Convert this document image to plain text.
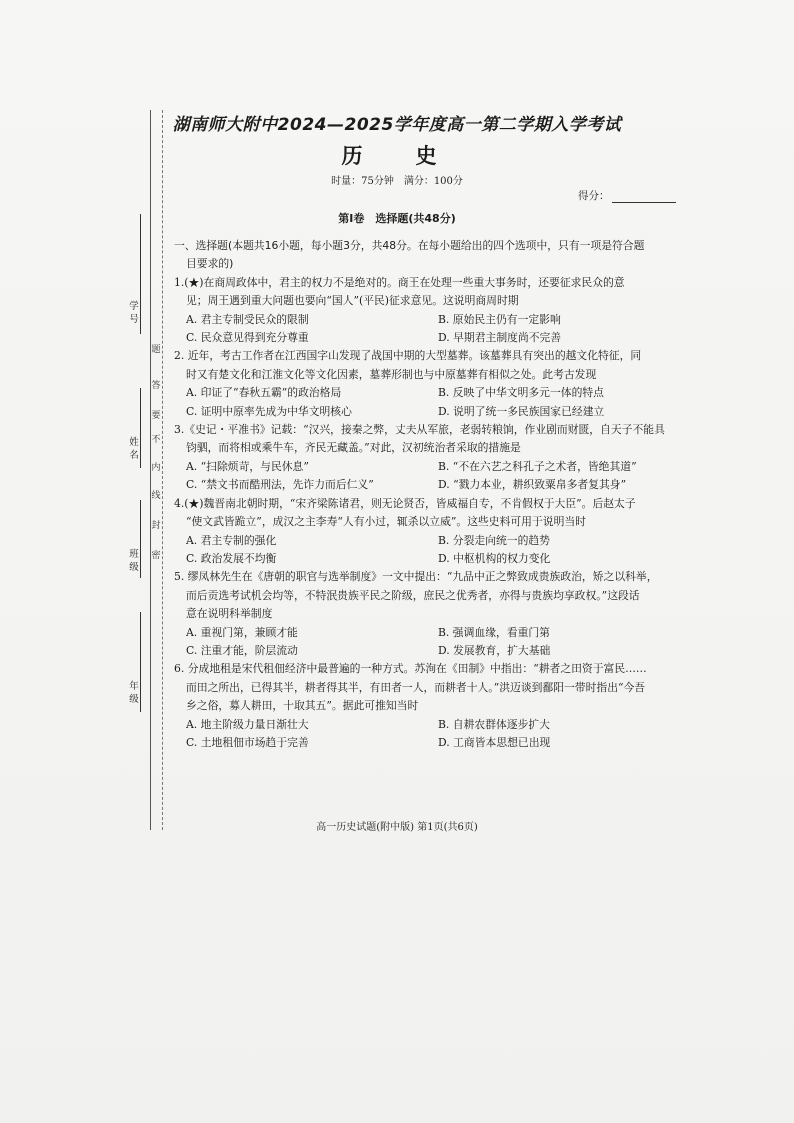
学号
姓名
班级
年级
题
答
要
不
内
线
封
密
湖南师大附中2024—2025学年度高一第二学期入学考试
历　史
时量：75分钟　满分：100分
得分：
第Ⅰ卷　选择题(共48分)

一、选择题(本题共16小题，每小题3分，共48分。在每小题给出的四个选项中，只有一项是符合题

目要求的)

1.(★)在商周政体中，君主的权力不是绝对的。商王在处理一些重大事务时，还要征求民众的意

见；周王遇到重大问题也要向“国人”(平民)征求意见。这说明商周时期

A. 君主专制受民众的限制	B. 原始民主仍有一定影响
C. 民众意见得到充分尊重	D. 早期君主制度尚不完善

2. 近年，考古工作者在江西国字山发现了战国中期的大型墓葬。该墓葬具有突出的越文化特征，同

时又有楚文化和江淮文化等文化因素，墓葬形制也与中原墓葬有相似之处。此考古发现

A. 印证了“春秋五霸”的政治格局	B. 反映了中华文明多元一体的特点
C. 证明中原率先成为中华文明核心	D. 说明了统一多民族国家已经建立

3.《史记・平准书》记载：“汉兴，接秦之弊，丈夫从军旅，老弱转粮饷，作业剧而财匮，自天子不能具

钧驷，而将相或乘牛车，齐民无藏盖。”对此，汉初统治者采取的措施是

A. “扫除烦苛，与民休息”	B. “不在六艺之科孔子之术者，皆绝其道”
C. “禁文书而酷刑法，先诈力而后仁义”	D. “戮力本业，耕织致粟帛多者复其身”

4.(★)魏晋南北朝时期，“宋齐梁陈诸君，则无论贤否，皆威福自专，不肯假权于大臣”。后赵太子

“使文武皆跪立”，成汉之主李寿“人有小过，辄杀以立威”。这些史料可用于说明当时

A. 君主专制的强化	B. 分裂走向统一的趋势
C. 政治发展不均衡	D. 中枢机构的权力变化

5. 缪凤林先生在《唐朝的职官与选举制度》一文中提出：“九品中正之弊致成贵族政治，矫之以科举，

而后贡选考试机会均等，不特泯贵族平民之阶级，庶民之优秀者，亦得与贵族均享政权。”这段话

意在说明科举制度

A. 重视门第，兼顾才能	B. 强调血缘，看重门第
C. 注重才能，阶层流动	D. 发展教育，扩大基础

6. 分成地租是宋代租佃经济中最普遍的一种方式。苏洵在《田制》中指出：“耕者之田资于富民……

而田之所出，已得其半，耕者得其半，有田者一人，而耕者十人。”洪迈谈到鄱阳一带时指出“今吾

乡之俗，募人耕田，十取其五”。据此可推知当时

A. 地主阶级力量日渐壮大	B. 自耕农群体逐步扩大
C. 土地租佃市场趋于完善	D. 工商皆本思想已出现
高一历史试题(附中版) 第1页(共6页)
